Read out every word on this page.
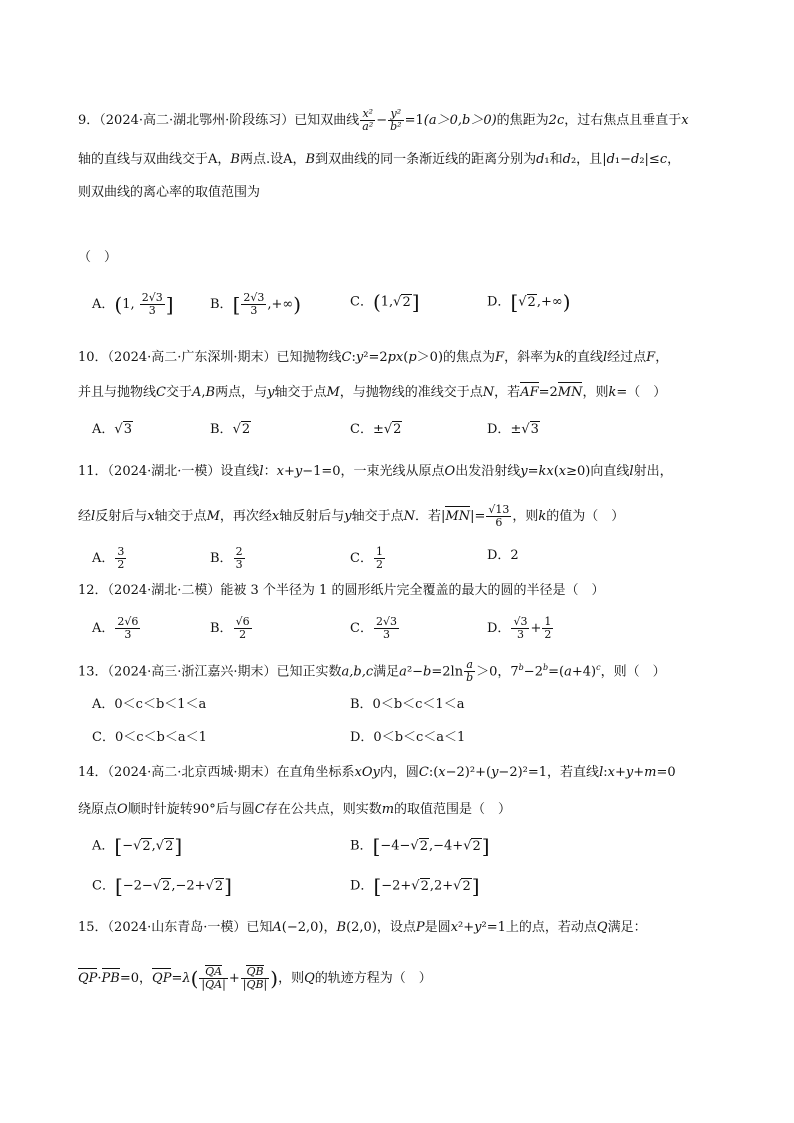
9．（2024·高二·湖北鄂州·阶段练习）已知双曲线 $\frac{\text{x²}}{\text{a²}} - \frac{\text{y²}}{\text{b²}} =1(a>0,b>0)$的焦距为2c，过右焦点且垂直于x
轴的直线与双曲线交于A，B两点.设A，B到双曲线的同一条渐近线的距离分别为d₁和d₂，且|d₁−d₂|≤c，
则双曲线的离心率的取值范围为
（　）
A．(1, $\frac{2√3}{3}$ ]	B．[ $\frac{2√3}{3}$ ,+∞)	C．(1,√2]	D．[√2,+∞)
10．（2024·高二·广东深圳·期末）已知抛物线C:y²=2px(p＞0)的焦点为F，斜率为k的直线l经过点F，
并且与抛物线C交于A,B两点，与y轴交于点M，与抛物线的准线交于点N，若AF=2MN，则k=（　）
A．√3	B．√2	C．±√2	D．±√3
11．（2024·湖北·一模）设直线l：x+y−1=0，一束光线从原点O出发沿射线y=kx(x≥0)向直线l射出，
经l反射后与x轴交于点M，再次经x轴反射后与y轴交于点N．若$|MN|= \frac{√13}{6}$ ，则k的值为（　）
A． $\frac{3}{2}$	B． $\frac{2}{3}$	C． $\frac{1}{2}$	D．2
12．（2024·湖北·二模）能被 3 个半径为 1 的圆形纸片完全覆盖的最大的圆的半径是（　）
A． $\frac{2√6}{3}$	B． $\frac{√6}{2}$	C． $\frac{2√3}{3}$	D． $\frac{√3}{3} + \frac{1}{2}$
13．（2024·高三·浙江嘉兴·期末）已知正实数a,b,c满足$a^2-b=2\ln \frac{a}{b} >0$，$7^b-2^b=(a+4)^c$，则（　）
A．0＜c＜b＜1＜a	B．0＜b＜c＜1＜a
C．0＜c＜b＜a＜1	D．0＜b＜c＜a＜1
14．（2024·高二·北京西城·期末）在直角坐标系xOy内，圆C:(x−2)²+(y−2)²=1，若直线l:x+y+m=0
绕原点O顺时针旋转90°后与圆C存在公共点，则实数m的取值范围是（　）
A．[−√2,√2]	B．[−4−√2,−4+√2]
C．[−2−√2,−2+√2]	D．[−2+√2,2+√2]
15．（2024·山东青岛·一模）已知A(−2,0)，B(2,0)，设点P是圆x²+y²=1上的点，若动点Q满足：
QP·PB=0，$QP=\lambda( \frac{QA}{|QA|} + \frac{QB}{|QB|}$ )，则Q的轨迹方程为（　）
